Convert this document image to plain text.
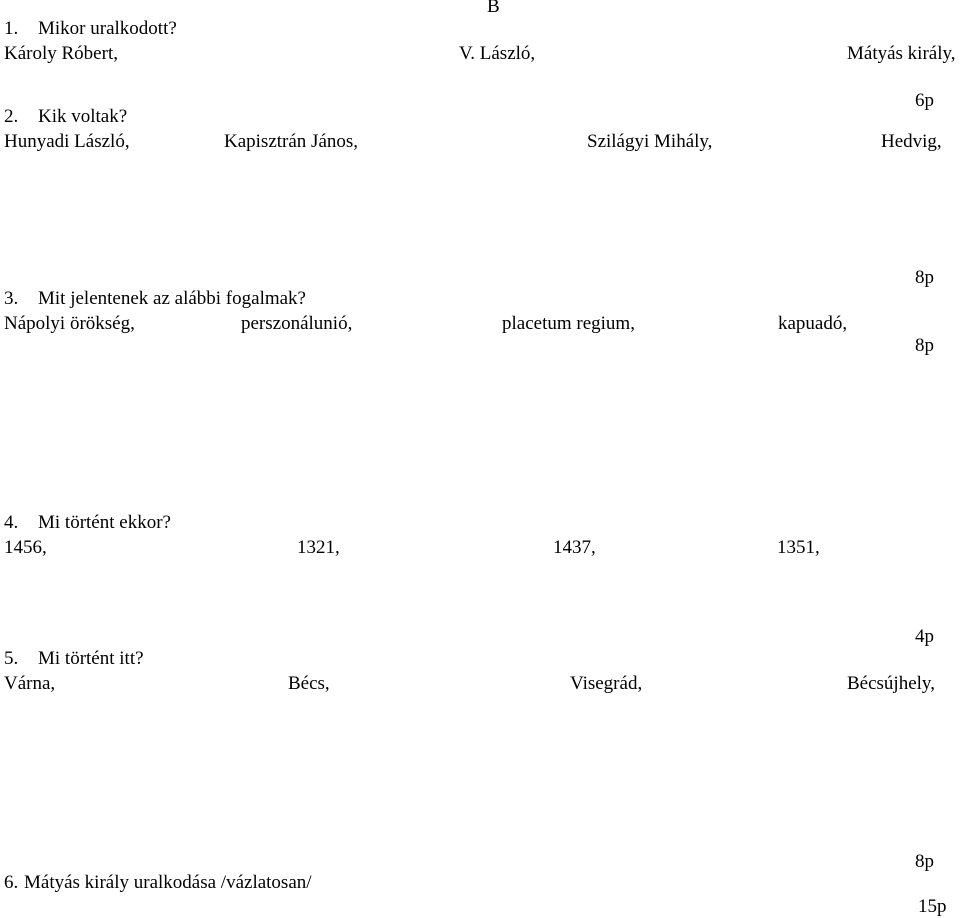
B
1. Mikor uralkodott?
Károly Róbert,	V. László,	Mátyás király,
6p
2. Kik voltak?
Hunyadi László,	Kapisztrán János,	Szilágyi Mihály,	Hedvig,
8p
3. Mit jelentenek az alábbi fogalmak?
Nápolyi örökség,	perszonálunió,	placetum regium,	kapuadó,
8p
4. Mi történt ekkor?
1456,	1321,	1437,	1351,
4p
5. Mi történt itt?
Várna,	Bécs,	Visegrád,	Bécsújhely,
8p
6. Mátyás király uralkodása /vázlatosan/
15p
